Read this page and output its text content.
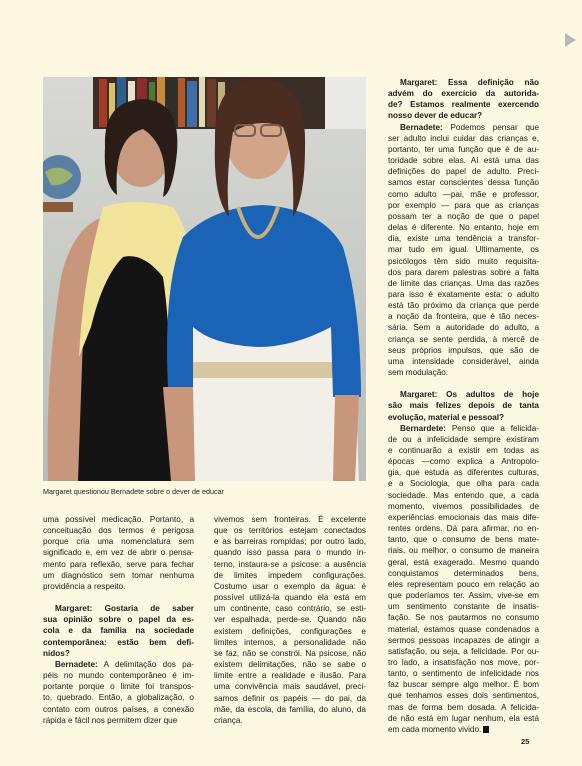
Margaret questionou Bernadete sobre o dever de educar

uma possível medicação. Portanto, a

conceituação dos termos é perigosa

porque cria uma nomenclatura sem

significado e, em vez de abrir o pensa-

mento para reflexão, serve para fechar

um diagnóstico sem tomar nenhuma

providência a respeito.

Margaret: Gostaria de saber

sua opinião sobre o papel da es-

cola e da família na sociedade

contemporânea: estão bem defi-

nidos?

Bernadete: A delimitação dos pa-

péis no mundo contemporâneo é im-

portante porque o limite foi transpos-

to, quebrado. Então, a globalização, o

contato com outros países, a conexão

rápida e fácil nos permitem dizer que

vivemos sem fronteiras. É excelente

que os territórios estejam conectados

e as barreiras rompidas; por outro lado,

quando isso passa para o mundo in-

terno, instaura-se a psicose: a ausência

de limites impedem configurações.

Costumo usar o exemplo da água: é

possível utilizá-la quando ela está em

um continente, caso contrário, se esti-

ver espalhada, perde-se. Quando não

existem definições, configurações e

limites internos, a personalidade não

se faz, não se constrói. Na psicose, não

existem delimitações, não se sabe o

limite entre a realidade e ilusão. Para

uma convivência mais saudável, preci-

samos definir os papéis — do pai, da

mãe, da escola, da família, do aluno, da

criança.

Margaret: Essa definição não

advém do exercício da autorida-

de? Estamos realmente exercendo

nosso dever de educar?

Bernadete: Podemos pensar que

ser adulto inclui cuidar das crianças e,

portanto, ter uma função que é de au-

toridade sobre elas. Aí está uma das

definições do papel de adulto. Preci-

samos estar conscientes dessa função

como adulto —pai, mãe e professor,

por exemplo — para que as crianças

possam ter a noção de que o papel

delas é diferente. No entanto, hoje em

dia, existe uma tendência a transfor-

mar tudo em igual. Ultimamente, os

psicólogos têm sido muito requisita-

dos para darem palestras sobre a falta

de limite das crianças. Uma das razões

para isso é exatamente esta: o adulto

está tão próximo da criança que perde

a noção da fronteira, que é tão neces-

sária. Sem a autoridade do adulto, a

criança se sente perdida, à mercê de

seus próprios impulsos, que são de

uma intensidade considerável, ainda

sem modulação.

Margaret: Os adultos de hoje

são mais felizes depois de tanta

evolução, material e pessoal?

Bernardete: Penso que a felicida-

de ou a infelicidade sempre existiram

e continuarão a existir em todas as

épocas —como explica a Antropolo-

gia, que estuda as diferentes culturas,

e a Sociologia, que olha para cada

sociedade. Mas entendo que, a cada

momento, vivemos possibilidades de

experiências emocionais das mais dife-

rentes ordens. Dá para afirmar, no en-

tanto, que o consumo de bens mate-

riais, ou melhor, o consumo de maneira

geral, está exagerado. Mesmo quando

conquistamos determinados bens,

eles representam pouco em relação ao

que poderíamos ter. Assim, vive-se em

um sentimento constante de insatis-

fação. Se nos pautarmos no consumo

material, estamos quase condenados a

sermos pessoas incapazes de atingir a

satisfação, ou seja, a felicidade. Por ou-

tro lado, a insatisfação nos move, por-

tanto, o sentimento de infelicidade nos

faz buscar sempre algo melhor. É bom

que tenhamos esses dois sentimentos,

mas de forma bem dosada. A felicida-

de não está em lugar nenhum, ela está

em cada momento vivido.

25
